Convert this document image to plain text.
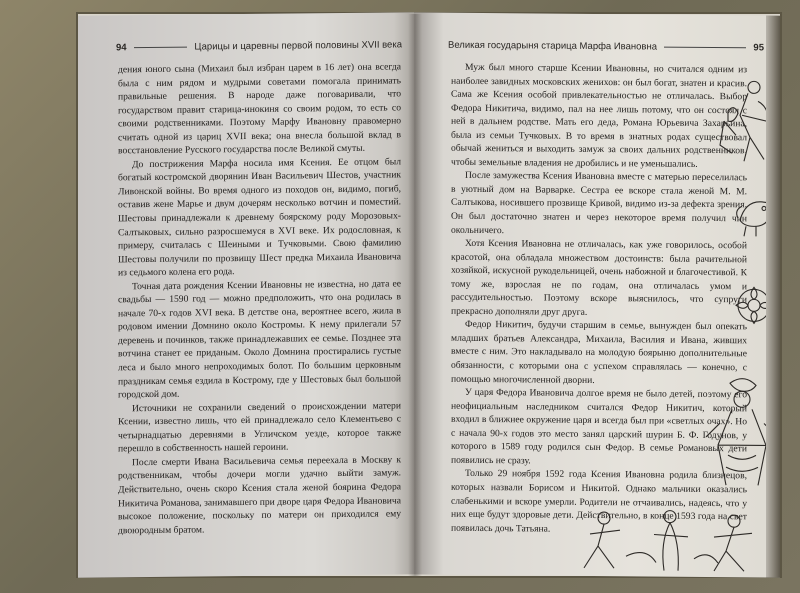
94	Царицы и царевны первой половины XVII века

дения юного сына (Михаил был избран царем в 16 лет) она всегда была с ним рядом и мудрыми советами помогала принимать правильные решения. В народе даже поговаривали, что государством правит старица-инокиня со своим родом, то есть со своими родственниками. Поэтому Марфу Ивановну правомерно считать одной из цариц XVII века; она внесла большой вклад в восстановление Русского государства после Великой смуты.

До пострижения Марфа носила имя Ксения. Ее отцом был богатый костромской дворянин Иван Васильевич Шестов, участник Ливонской войны. Во время одного из походов он, видимо, погиб, оставив жене Марье и двум дочерям несколько вотчин и поместий. Шестовы принадлежали к древнему боярскому роду Морозовых-Салтыковых, сильно разросшемуся в XVI веке. Их родословная, к примеру, считалась с Шеиными и Тучковыми. Свою фамилию Шестовы получили по прозвищу Шест предка Михаила Ивановича из седьмого колена его рода.

Точная дата рождения Ксении Ивановны не известна, но дата ее свадьбы — 1590 год — можно предположить, что она родилась в начале 70-х годов XVI века. В детстве она, вероятнее всего, жила в родовом имении Домнино около Костромы. К нему прилегали 57 деревень и починков, также принадлежавших ее семье. Позднее эта вотчина станет ее приданым. Около Домнина простирались густые леса и было много непроходимых болот. По большим церковным праздникам семья ездила в Кострому, где у Шестовых был большой городской дом.

Источники не сохранили сведений о происхождении матери Ксении, известно лишь, что ей принадлежало село Клементьево с четырнадцатью деревнями в Угличском уезде, которое также перешло в собственность нашей героини.

После смерти Ивана Васильевича семья переехала в Москву к родственникам, чтобы дочери могли удачно выйти замуж. Действительно, очень скоро Ксения стала женой боярина Федора Никитича Романова, занимавшего при дворе царя Федора Ивановича высокое положение, поскольку по матери он приходился ему двоюродным братом.

Великая государыня старица Марфа Ивановна	95

Муж был много старше Ксении Ивановны, но считался одним из наиболее завидных московских женихов: он был богат, знатен и красив. Сама же Ксения особой привлекательностью не отличалась. Выбор Федора Никитича, видимо, пал на нее лишь потому, что он состоял с ней в дальнем родстве. Мать его деда, Романа Юрьевича Захарьина, была из семьи Тучковых. В то время в знатных родах существовал обычай жениться и выходить замуж за своих дальних родственников, чтобы земельные владения не дробились и не уменьшались.

После замужества Ксения Ивановна вместе с матерью переселилась в уютный дом на Варварке. Сестра ее вскоре стала женой М. М. Салтыкова, носившего прозвище Кривой, видимо из-за дефекта зрения. Он был достаточно знатен и через некоторое время получил чин окольничего.

Хотя Ксения Ивановна не отличалась, как уже говорилось, особой красотой, она обладала множеством достоинств: была рачительной хозяйкой, искусной рукодельницей, очень набожной и благочестивой. К тому же, взрослая не по годам, она отличалась умом и рассудительностью. Поэтому вскоре выяснилось, что супруги прекрасно дополняли друг друга.

Федор Никитич, будучи старшим в семье, вынужден был опекать младших братьев Александра, Михаила, Василия и Ивана, живших вместе с ним. Это накладывало на молодую боярыню дополнительные обязанности, с которыми она с успехом справлялась — конечно, с помощью многочисленной дворни.

У царя Федора Ивановича долгое время не было детей, поэтому его неофициальным наследником считался Федор Никитич, который входил в ближнее окружение царя и всегда был при «светлых очах». Но с начала 90-х годов это место занял царский шурин Б. Ф. Годунов, у которого в 1589 году родился сын Федор. В семье Романовых дети появились не сразу.

Только 29 ноября 1592 года Ксения Ивановна родила близнецов, которых назвали Борисом и Никитой. Однако мальчики оказались слабенькими и вскоре умерли. Родители не отчаивались, надеясь, что у них еще будут здоровые дети. Действительно, в конце 1593 года на свет появилась дочь Татьяна.
